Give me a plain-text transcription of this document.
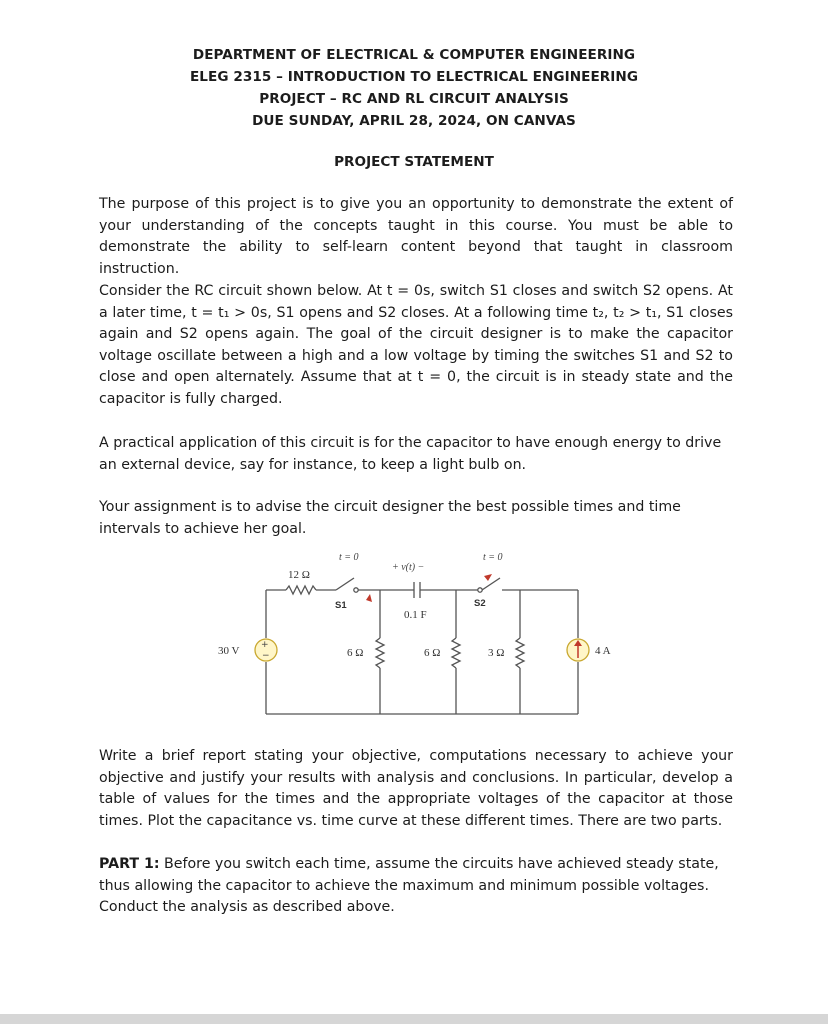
DEPARTMENT OF ELECTRICAL & COMPUTER ENGINEERING
ELEG 2315 – INTRODUCTION TO ELECTRICAL ENGINEERING
PROJECT – RC AND RL CIRCUIT ANALYSIS
DUE SUNDAY, APRIL 28, 2024, ON CANVAS
PROJECT STATEMENT

The purpose of this project is to give you an opportunity to demonstrate the extent of your understanding of the concepts taught in this course. You must be able to demonstrate the ability to self-learn content beyond that taught in classroom instruction.

Consider the RC circuit shown below. At t = 0s, switch S1 closes and switch S2 opens. At a later time, t = t₁ > 0s, S1 opens and S2 closes. At a following time t₂, t₂ > t₁, S1 closes again and S2 opens again. The goal of the circuit designer is to make the capacitor voltage oscillate between a high and a low voltage by timing the switches S1 and S2 to close and open alternately. Assume that at t = 0, the circuit is in steady state and the capacitor is fully charged.

A practical application of this circuit is for the capacitor to have enough energy to drive an external device, say for instance, to keep a light bulb on.

Your assignment is to advise the circuit designer the best possible times and time intervals to achieve her goal.

+
−
30 V	4 A
12 Ω
6 Ω	6 Ω	3 Ω
0.1 F
+ v(t) −
S1	S2
t = 0	t = 0

Write a brief report stating your objective, computations necessary to achieve your objective and justify your results with analysis and conclusions. In particular, develop a table of values for the times and the appropriate voltages of the capacitor at those times. Plot the capacitance vs. time curve at these different times. There are two parts.

PART 1: Before you switch each time, assume the circuits have achieved steady state, thus allowing the capacitor to achieve the maximum and minimum possible voltages. Conduct the analysis as described above.
